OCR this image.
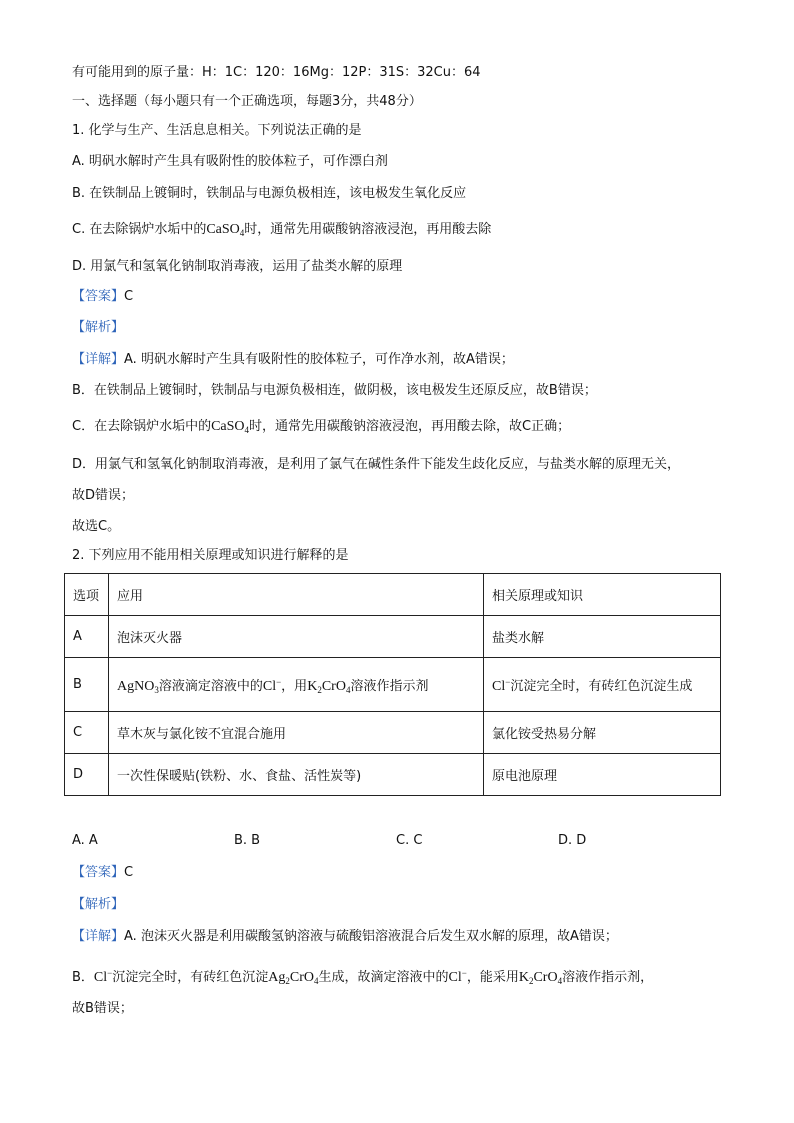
有可能用到的原子量：H：1C：120：16Mg：12P：31S：32Cu：64
一、选择题（每小题只有一个正确选项，每题3分，共48分）
1. 化学与生产、生活息息相关。下列说法正确的是
A. 明矾水解时产生具有吸附性的胶体粒子，可作漂白剂
B. 在铁制品上镀铜时，铁制品与电源负极相连，该电极发生氧化反应
C. 在去除锅炉水垢中的CaSO$_4$时，通常先用碳酸钠溶液浸泡，再用酸去除
D. 用氯气和氢氧化钠制取消毒液，运用了盐类水解的原理
【答案】C
【解析】
【详解】A. 明矾水解时产生具有吸附性的胶体粒子，可作净水剂，故A错误；
B．在铁制品上镀铜时，铁制品与电源负极相连，做阴极，该电极发生还原反应，故B错误；
C．在去除锅炉水垢中的CaSO$_4$时，通常先用碳酸钠溶液浸泡，再用酸去除，故C正确；
D．用氯气和氢氧化钠制取消毒液，是利用了氯气在碱性条件下能发生歧化反应，与盐类水解的原理无关，
故D错误；
故选C。
2. 下列应用不能用相关原理或知识进行解释的是
选项	应用	相关原理或知识
A	泡沫灭火器	盐类水解
B	AgNO$_3$溶液滴定溶液中的Cl−，用$K_2CrO_4$溶液作指示剂	Cl−沉淀完全时，有砖红色沉淀生成
C	草木灰与氯化铵不宜混合施用	氯化铵受热易分解
D	一次性保暖贴(铁粉、水、食盐、活性炭等)	原电池原理
A. A	B. B	C. C	D. D
【答案】C
【解析】
【详解】A. 泡沫灭火器是利用碳酸氢钠溶液与硫酸铝溶液混合后发生双水解的原理，故A错误；
B．Cl−沉淀完全时，有砖红色沉淀$Ag_2CrO_4$生成，故滴定溶液中的Cl−，能采用$K_2CrO_4$溶液作指示剂，
故B错误；
